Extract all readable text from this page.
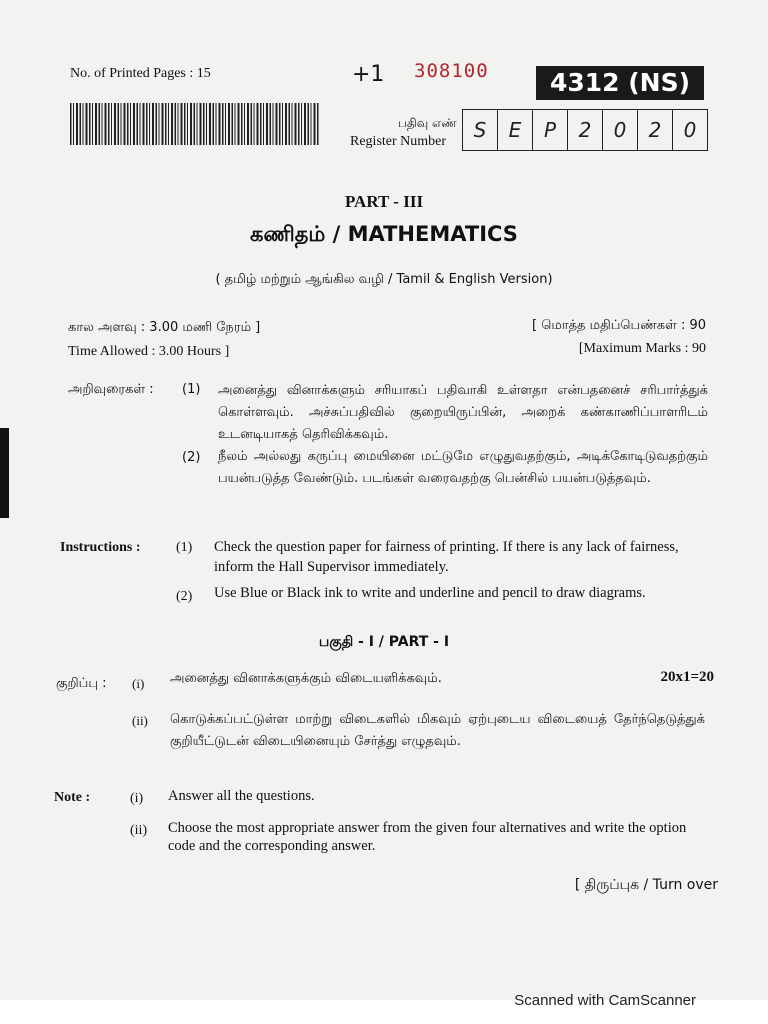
No. of Printed Pages : 15	+1 308100	4312 (NS)
பதிவு எண்
Register Number	S	E	P	2	0	2	0
PART - III
கணிதம் / MATHEMATICS
( தமிழ் மற்றும் ஆங்கில வழி / Tamil & English Version)
கால அளவு : 3.00 மணி நேரம் ]	[ மொத்த மதிப்பெண்கள் : 90
Time Allowed : 3.00 Hours ]	[Maximum Marks : 90
அறிவுரைகள் : (1) அனைத்து வினாக்களும் சரியாகப் பதிவாகி உள்ளதா என்பதனைச் சரிபார்த்துக் கொள்ளவும். அச்சுப்பதிவில் குறையிருப்பின், அறைக் கண்காணிப்பாளரிடம் உடனடியாகத் தெரிவிக்கவும்.
(2) நீலம் அல்லது கருப்பு மையினை மட்டுமே எழுதுவதற்கும், அடிக்கோடிடுவதற்கும் பயன்படுத்த வேண்டும். படங்கள் வரைவதற்கு பென்சில் பயன்படுத்தவும்.
Instructions :	(1) Check the question paper for fairness of printing. If there is any lack of fairness, inform the Hall Supervisor immediately.
(2) Use Blue or Black ink to write and underline and pencil to draw diagrams.
பகுதி - I / PART - I
குறிப்பு : (i) அனைத்து வினாக்களுக்கும் விடையளிக்கவும்.	20x1=20
(ii) கொடுக்கப்பட்டுள்ள மாற்று விடைகளில் மிகவும் ஏற்புடைய விடையைத் தேர்ந்தெடுத்துக் குறியீட்டுடன் விடையினையும் சேர்த்து எழுதவும்.
Note :	(i) Answer all the questions.
(ii) Choose the most appropriate answer from the given four alternatives and write the option code and the corresponding answer.
[ திருப்புக / Turn over
Scanned with CamScanner
